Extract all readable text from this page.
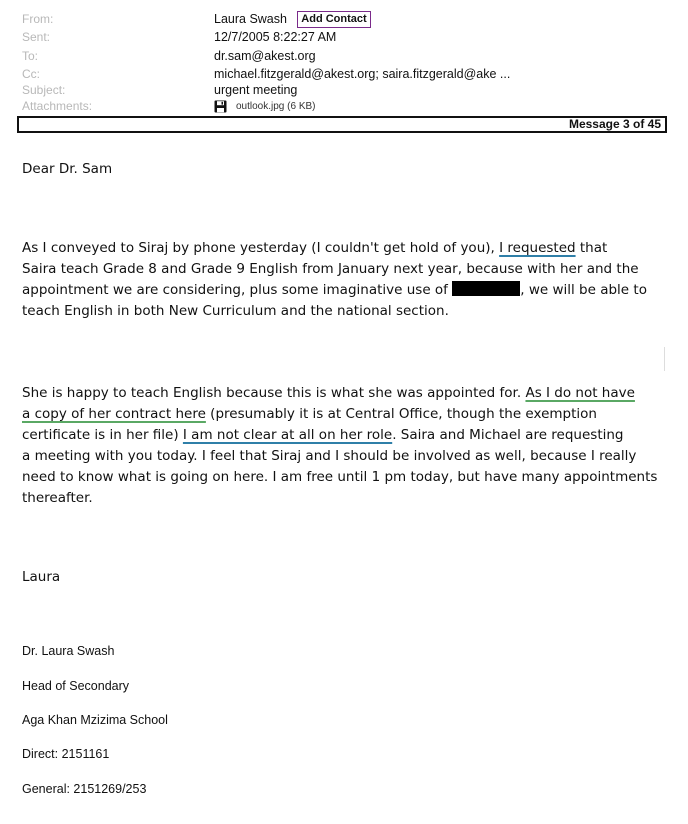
From:	Laura Swash	Add Contact
Sent:	12/7/2005 8:22:27 AM
To:	dr.sam@akest.org
Cc:	michael.fitzgerald@akest.org; saira.fitzgerald@ake ...
Subject:	urgent meeting
Attachments:	outlook.jpg (6 KB)
Message 3 of 45
Dear Dr. Sam
As I conveyed to Siraj by phone yesterday (I couldn't get hold of you), I requested that
Saira teach Grade 8 and Grade 9 English from January next year, because with her and the
appointment we are considering, plus some imaginative use of	, we will be able to
teach English in both New Curriculum and the national section.
She is happy to teach English because this is what she was appointed for. As I do not have
a copy of her contract here (presumably it is at Central Office, though the exemption
certificate is in her file) I am not clear at all on her role. Saira and Michael are requesting
a meeting with you today. I feel that Siraj and I should be involved as well, because I really
need to know what is going on here. I am free until 1 pm today, but have many appointments
thereafter.
Laura
Dr. Laura Swash
Head of Secondary
Aga Khan Mzizima School
Direct: 2151161
General: 2151269/253
